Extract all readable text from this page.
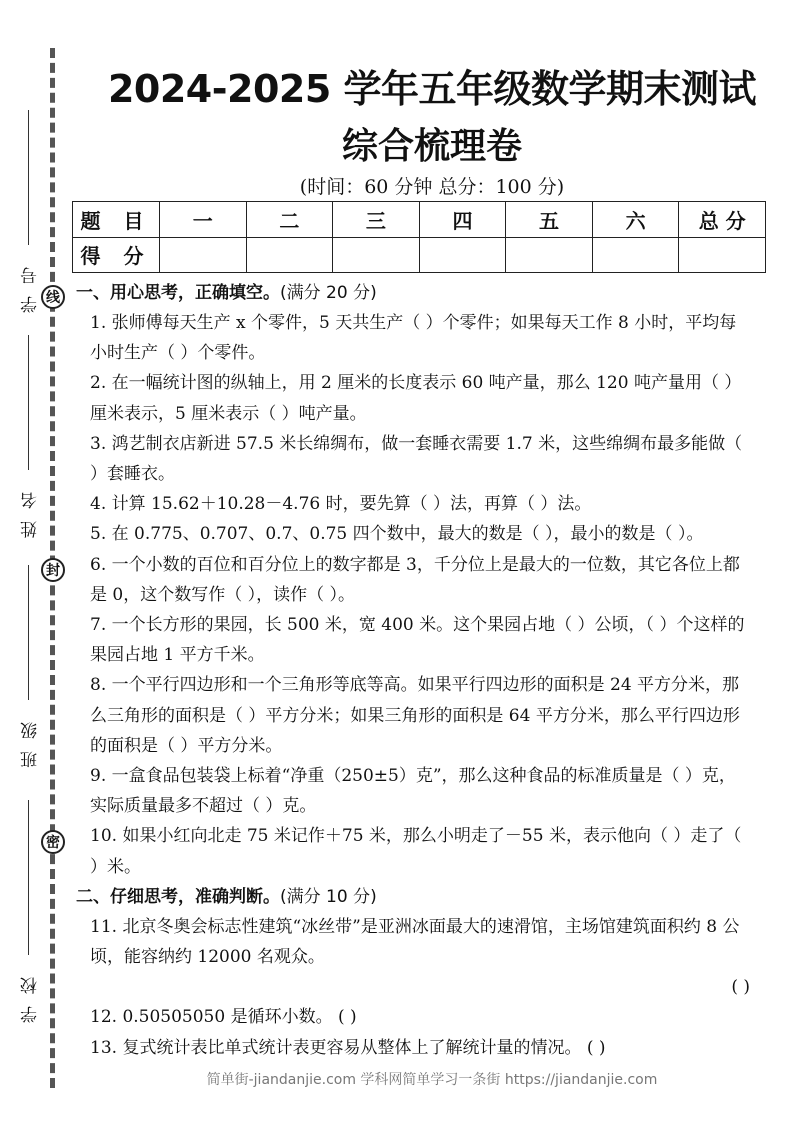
线
封
密
学号
姓名
班级
学校
2024-2025 学年五年级数学期末测试
综合梳理卷

(时间：60 分钟 总分：100 分)

题 目	一	二	三	四	五	六	总 分
得 分							
一、用心思考，正确填空。(满分 20 分)
1. 张师傅每天生产 x 个零件，5 天共生产（ ）个零件；如果每天工作 8 小时，平均每小时生产（ ）个零件。
2. 在一幅统计图的纵轴上，用 2 厘米的长度表示 60 吨产量，那么 120 吨产量用（ ）厘米表示，5 厘米表示（ ）吨产量。
3. 鸿艺制衣店新进 57.5 米长绵绸布，做一套睡衣需要 1.7 米，这些绵绸布最多能做（ ）套睡衣。
4. 计算 15.62＋10.28－4.76 时，要先算（ ）法，再算（ ）法。
5. 在 0.775、0.707、0.7、0.75 四个数中，最大的数是（ ），最小的数是（ ）。
6. 一个小数的百位和百分位上的数字都是 3，千分位上是最大的一位数，其它各位上都是 0，这个数写作（ ），读作（ ）。
7. 一个长方形的果园，长 500 米，宽 400 米。这个果园占地（ ）公顷，（ ）个这样的果园占地 1 平方千米。
8. 一个平行四边形和一个三角形等底等高。如果平行四边形的面积是 24 平方分米，那么三角形的面积是（ ）平方分米；如果三角形的面积是 64 平方分米，那么平行四边形的面积是（ ）平方分米。
9. 一盒食品包装袋上标着“净重（250±5）克”，那么这种食品的标准质量是（ ）克，实际质量最多不超过（ ）克。
10. 如果小红向北走 75 米记作＋75 米，那么小明走了－55 米，表示他向（ ）走了（ ）米。
二、仔细思考，准确判断。(满分 10 分)
11. 北京冬奥会标志性建筑“冰丝带”是亚洲冰面最大的速滑馆，主场馆建筑面积约 8 公顷，能容纳约 12000 名观众。
( )
12. 0.50505050 是循环小数。 ( )
13. 复式统计表比单式统计表更容易从整体上了解统计量的情况。 ( )
简单街-jiandanjie.com 学科网简单学习一条街 https://jiandanjie.com
